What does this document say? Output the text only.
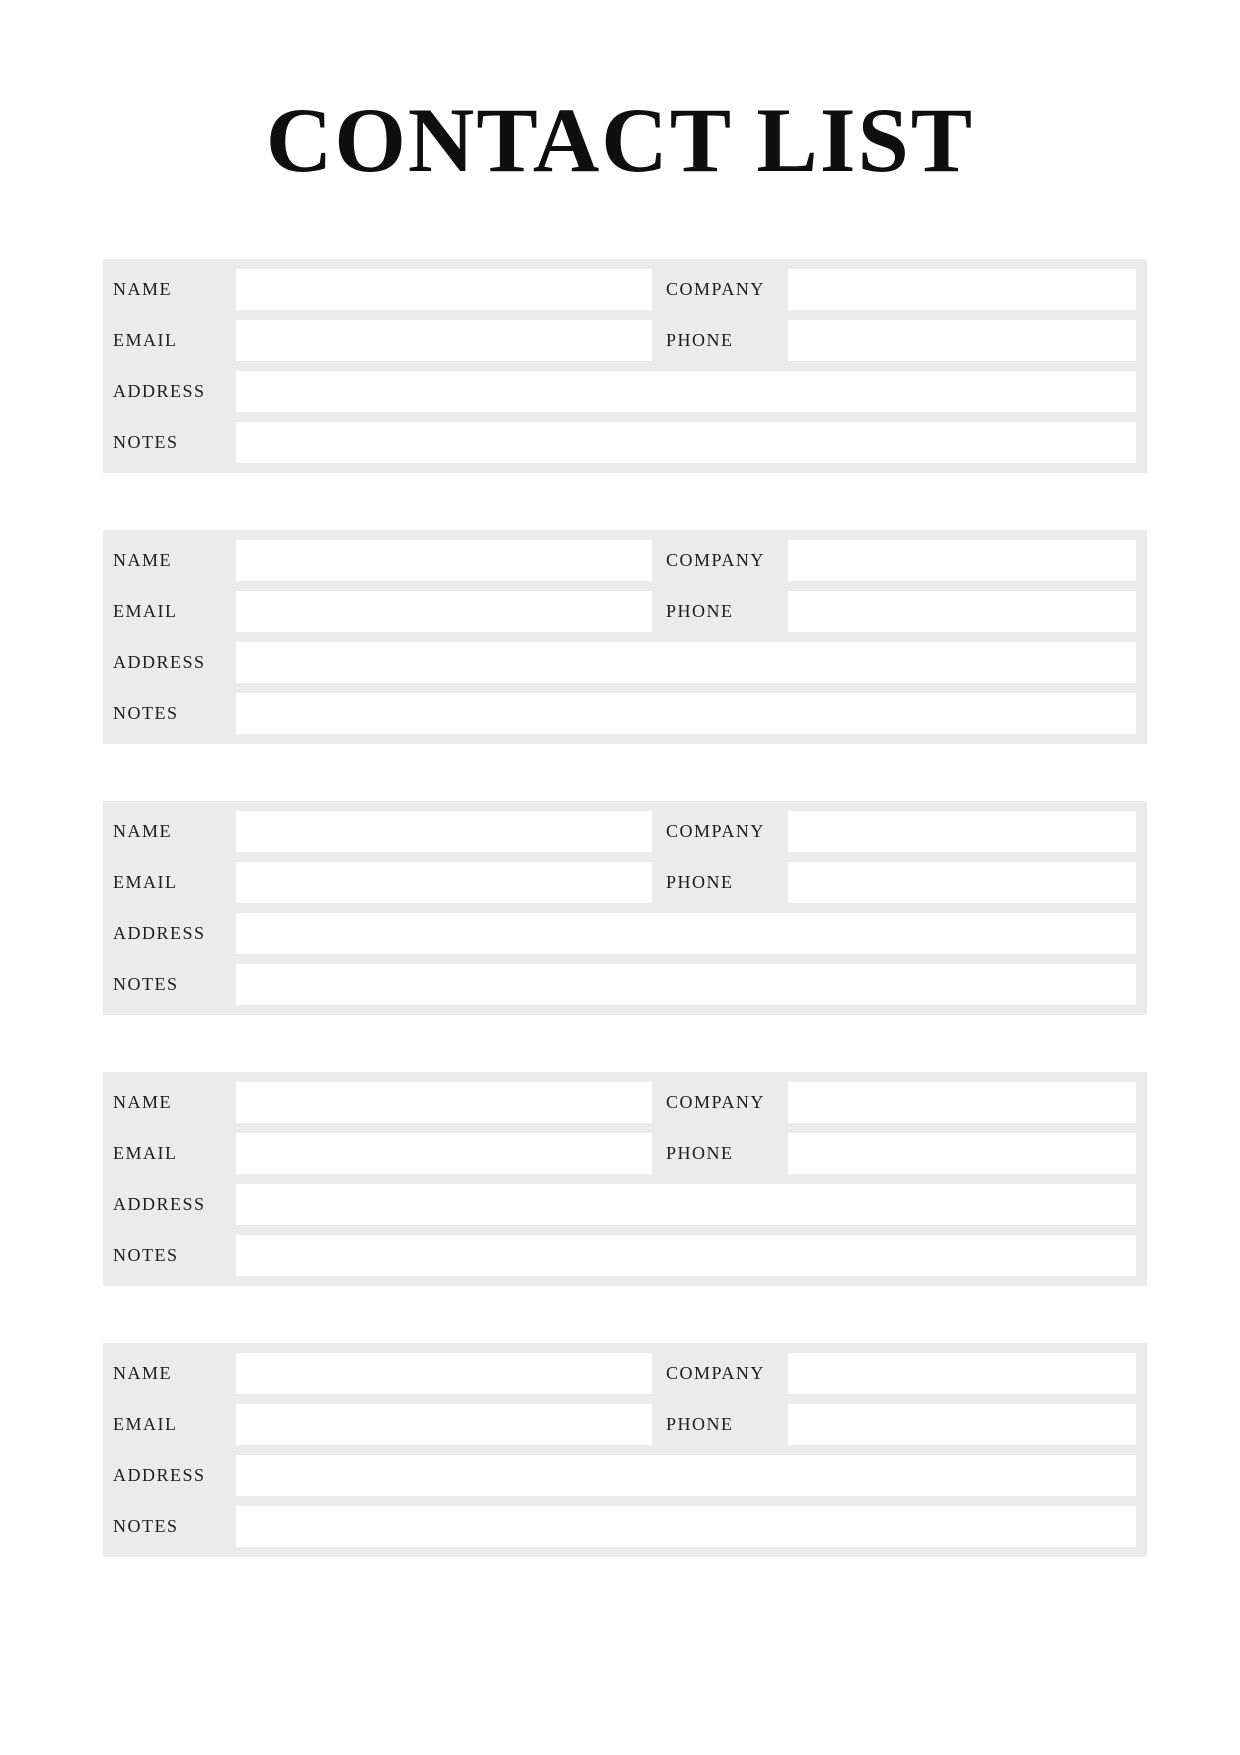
CONTACT LIST
NAME	COMPANY
EMAIL	PHONE
ADDRESS
NOTES
NAME	COMPANY
EMAIL	PHONE
ADDRESS
NOTES
NAME	COMPANY
EMAIL	PHONE
ADDRESS
NOTES
NAME	COMPANY
EMAIL	PHONE
ADDRESS
NOTES
NAME	COMPANY
EMAIL	PHONE
ADDRESS
NOTES
